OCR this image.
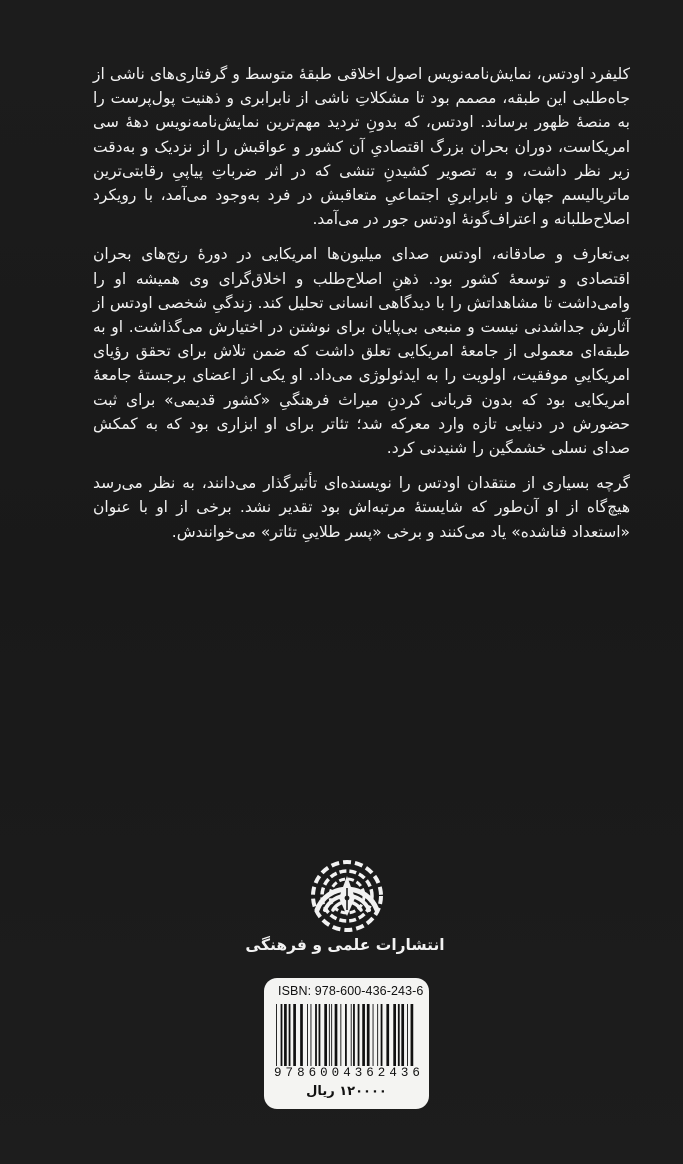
کلیفرد اودتس، نمایش‌نامه‌نویس اصول اخلاقی طبقهٔ متوسط و گرفتاری‌های ناشی از جاه‌طلبی این طبقه، مصمم بود تا مشکلاتِ ناشی از نابرابری و ذهنیت پول‌پرست را به منصهٔ ظهور برساند. اودتس، که بدونِ تردید مهم‌ترین نمایش‌نامه‌نویس دههٔ سی امریکاست، دوران بحران بزرگ اقتصادیِ آن کشور و عواقبش را از نزدیک و به‌دقت زیر نظر داشت، و به تصویر کشیدنِ تنشی که در اثر ضرباتِ پیاپیِ رقابتی‌ترین ماتریالیسم جهان و نابرابریِ اجتماعیِ متعاقبش در فرد به‌وجود می‌آمد، با رویکرد اصلاح‌طلبانه و اعتراف‌گونهٔ اودتس جور در می‌آمد.

بی‌تعارف و صادقانه، اودتس صدای میلیون‌ها امریکایی در دورهٔ رنج‌های بحران اقتصادی و توسعهٔ کشور بود. ذهنِ اصلاح‌طلب و اخلاق‌گرای وی همیشه او را وامی‌داشت تا مشاهداتش را با دیدگاهی انسانی تحلیل کند. زندگیِ شخصی اودتس از آثارش جداشدنی نیست و منبعی بی‌پایان برای نوشتن در اختیارش می‌گذاشت. او به طبقه‌ای معمولی از جامعهٔ امریکایی تعلق داشت که ضمن تلاش برای تحقق رؤیای امریکاییِ موفقیت، اولویت را به ایدئولوژی می‌داد. او یکی از اعضای برجستهٔ جامعهٔ امریکایی بود که بدون قربانی کردنِ میراث فرهنگیِ «کشور قدیمی» برای ثبت حضورش در دنیایی تازه وارد معرکه شد؛ تئاتر برای او ابزاری بود که به کمکش صدای نسلی خشمگین را شنیدنی کرد.

گرچه بسیاری از منتقدان اودتس را نویسنده‌ای تأثیرگذار می‌دانند، به نظر می‌رسد هیچ‌گاه از او آن‌طور که شایستهٔ مرتبه‌اش بود تقدیر نشد. برخی از او با عنوان «استعداد فناشده» یاد می‌کنند و برخی «پسر طلاییِ تئاتر» می‌خوانندش.

انتشارات علمی و فرهنگی
ISBN: 978-600-436-243-6
9 7 8 6 0 0 4 3 6 2 4 3 6
۱۲۰۰۰۰ ریال
